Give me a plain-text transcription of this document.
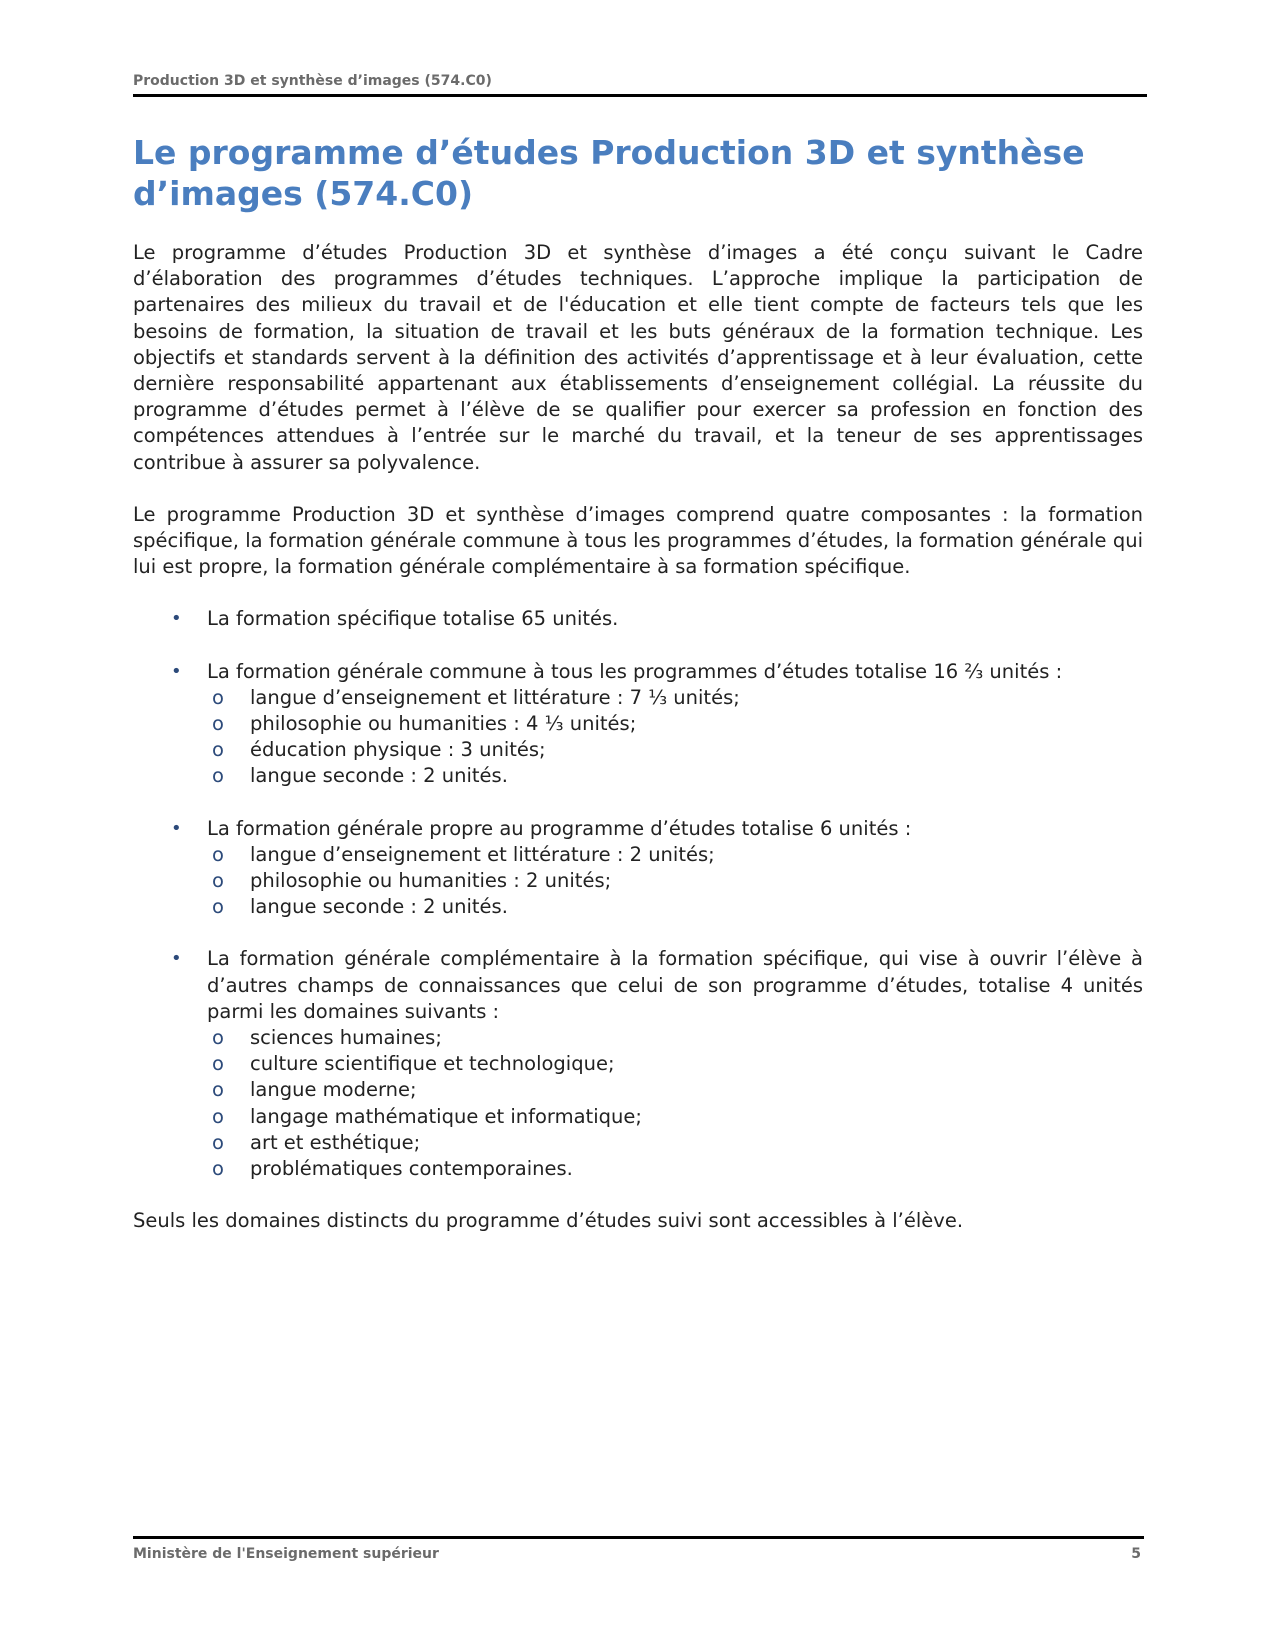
Production 3D et synthèse d’images (574.C0)
Le programme d’études Production 3D et synthèse d’images (574.C0)

Le programme d’études Production 3D et synthèse d’images a été conçu suivant le Cadre d’élaboration des programmes d’études techniques. L’approche implique la participation de partenaires des milieux du travail et de l'éducation et elle tient compte de facteurs tels que les besoins de formation, la situation de travail et les buts généraux de la formation technique. Les objectifs et standards servent à la définition des activités d’apprentissage et à leur évaluation, cette dernière responsabilité appartenant aux établissements d’enseignement collégial. La réussite du programme d’études permet à l’élève de se qualifier pour exercer sa profession en fonction des compétences attendues à l’entrée sur le marché du travail, et la teneur de ses apprentissages contribue à assurer sa polyvalence.

Le programme Production 3D et synthèse d’images comprend quatre composantes : la formation spécifique, la formation générale commune à tous les programmes d’études, la formation générale qui lui est propre, la formation générale complémentaire à sa formation spécifique.

• La formation spécifique totalise 65 unités.
• La formation générale commune à tous les programmes d’études totalise 16 ⅔ unités :
o langue d’enseignement et littérature : 7 ⅓ unités;
o philosophie ou humanities : 4 ⅓ unités;
o éducation physique : 3 unités;
o langue seconde : 2 unités.
• La formation générale propre au programme d’études totalise 6 unités :
o langue d’enseignement et littérature : 2 unités;
o philosophie ou humanities : 2 unités;
o langue seconde : 2 unités.
• La formation générale complémentaire à la formation spécifique, qui vise à ouvrir l’élève à d’autres champs de connaissances que celui de son programme d’études, totalise 4 unités parmi les domaines suivants :
o sciences humaines;
o culture scientifique et technologique;
o langue moderne;
o langage mathématique et informatique;
o art et esthétique;
o problématiques contemporaines.

Seuls les domaines distincts du programme d’études suivi sont accessibles à l’élève.

Ministère de l'Enseignement supérieur	5
